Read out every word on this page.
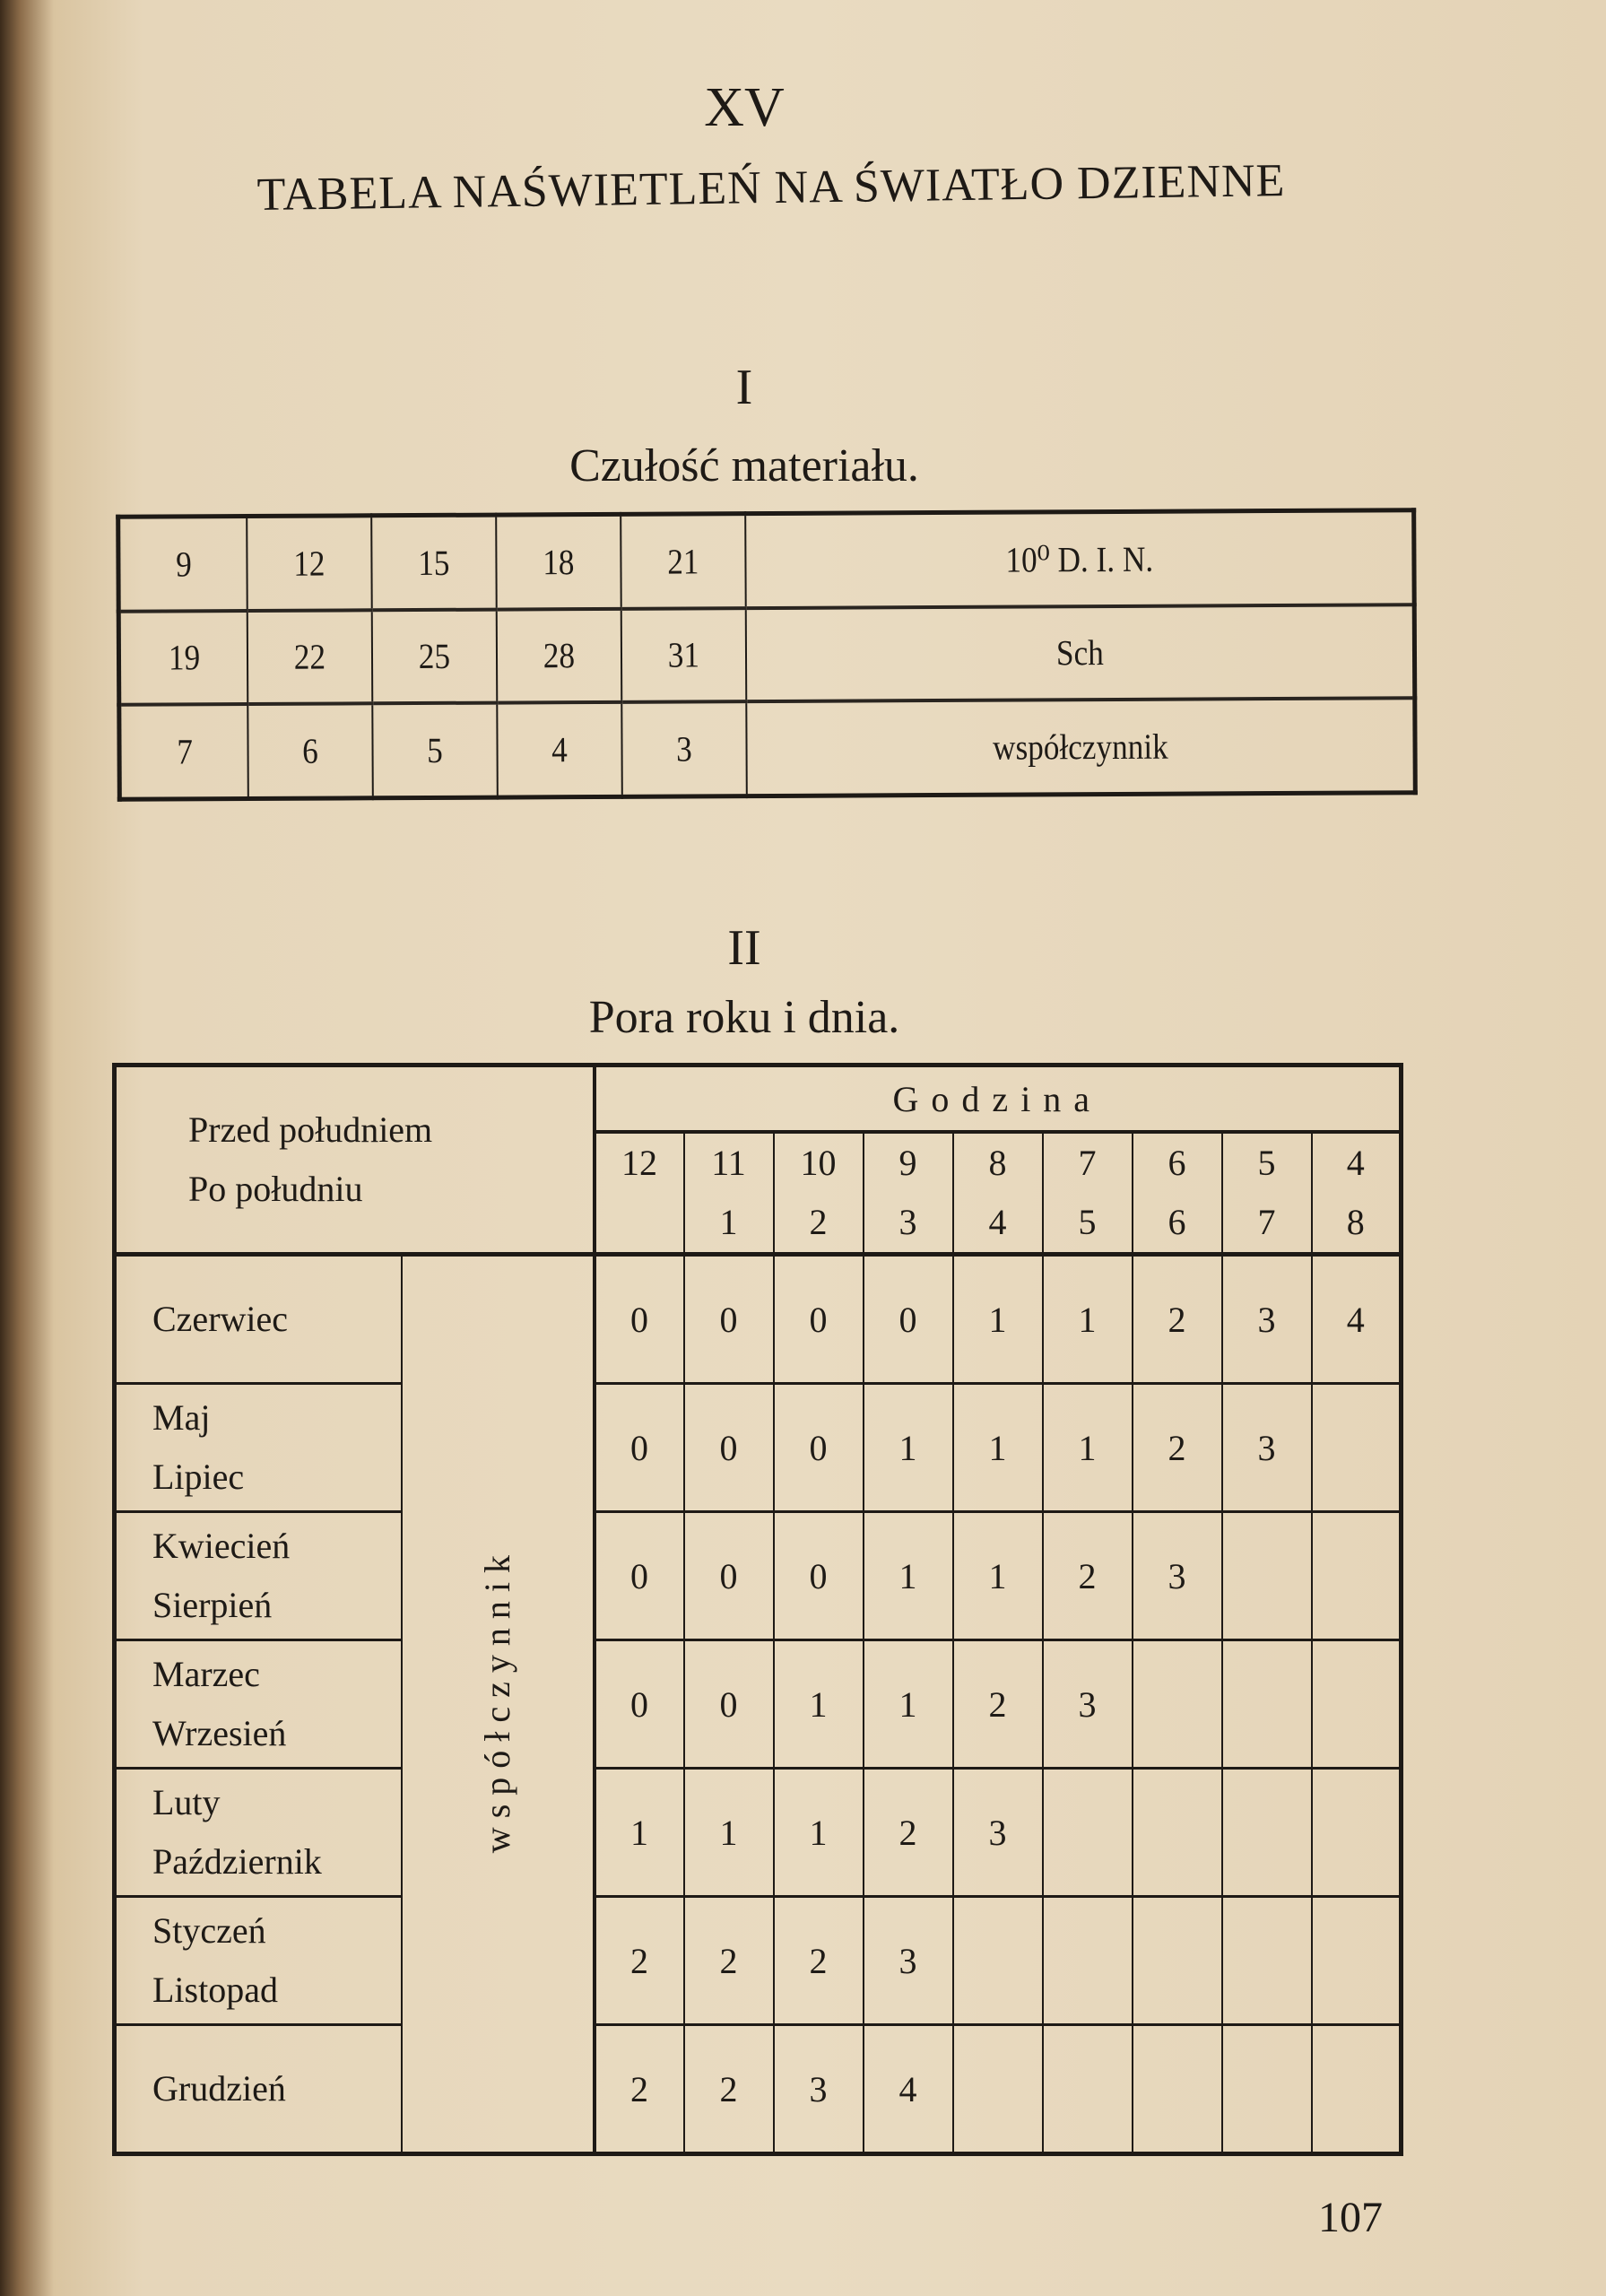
XV
TABELA NAŚWIETLEŃ NA ŚWIATŁO DZIENNE
I
Czułość materiału.
9	12	15	18	21	10⁰ D. I. N.
19	22	25	28	31	Sch
7	6	5	4	3	współczynnik
II
Pora roku i dnia.
Przed południem
Po południu		Godzina								
		12	11	10	9	8	7	6	5	4
			1	2	3	4	5	6	7	8

Czerwiec	współczynnik	0	0	0	0	1	1	2	3	4

Maj
Lipiec		0	0	0	1	1	1	2	3	

Kwiecień
Sierpień		0	0	0	1	1	2	3		

Marzec
Wrzesień		0	0	1	1	2	3			

Luty
Październik		1	1	1	2	3				

Styczeń
Listopad		2	2	2	3					

Grudzień		2	2	3	4					
107
